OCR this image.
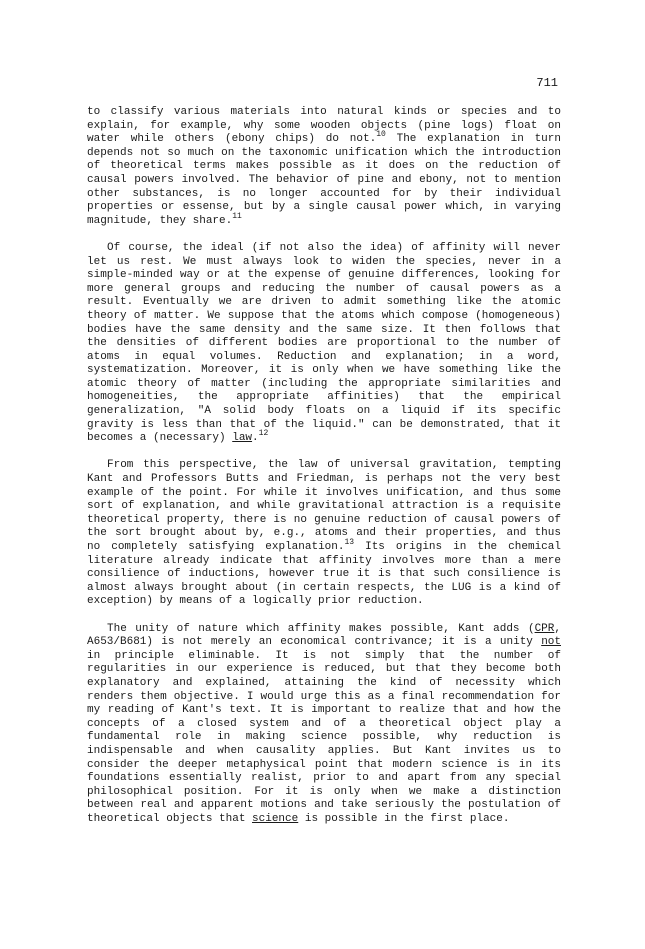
711

to classify various materials into natural kinds or species and to explain, for example, why some wooden objects (pine logs) float on water while others (ebony chips) do not.$^{10}$ The explanation in turn depends not so much on the taxonomic unification which the introduction of theoretical terms makes possible as it does on the reduction of causal powers involved. The behavior of pine and ebony, not to mention other substances, is no longer accounted for by their individual properties or essense, but by a single causal power which, in varying magnitude, they share.$^{11}$

Of course, the ideal (if not also the idea) of affinity will never let us rest. We must always look to widen the species, never in a simple-minded way or at the expense of genuine differences, looking for more general groups and reducing the number of causal powers as a result. Eventually we are driven to admit something like the atomic theory of matter. We suppose that the atoms which compose (homogeneous) bodies have the same density and the same size. It then follows that the densities of different bodies are proportional to the number of atoms in equal volumes. Reduction and explanation; in a word, systematization. Moreover, it is only when we have something like the atomic theory of matter (including the appropriate similarities and homogeneities, the appropriate affinities) that the empirical generalization, "A solid body floats on a liquid if its specific gravity is less than that of the liquid." can be demonstrated, that it becomes a (necessary) law.$^{12}$

From this perspective, the law of universal gravitation, tempting Kant and Professors Butts and Friedman, is perhaps not the very best example of the point. For while it involves unification, and thus some sort of explanation, and while gravitational attraction is a requisite theoretical property, there is no genuine reduction of causal powers of the sort brought about by, e.g., atoms and their properties, and thus no completely satisfying explanation.$^{13}$ Its origins in the chemical literature already indicate that affinity involves more than a mere consilience of inductions, however true it is that such consilience is almost always brought about (in certain respects, the LUG is a kind of exception) by means of a logically prior reduction.

The unity of nature which affinity makes possible, Kant adds (CPR, A653/B681) is not merely an economical contrivance; it is a unity not in principle eliminable. It is not simply that the number of regularities in our experience is reduced, but that they become both explanatory and explained, attaining the kind of necessity which renders them objective. I would urge this as a final recommendation for my reading of Kant's text. It is important to realize that and how the concepts of a closed system and of a theoretical object play a fundamental role in making science possible, why reduction is indispensable and when causality applies. But Kant invites us to consider the deeper metaphysical point that modern science is in its foundations essentially realist, prior to and apart from any special philosophical position. For it is only when we make a distinction between real and apparent motions and take seriously the postulation of theoretical objects that science is possible in the first place.
